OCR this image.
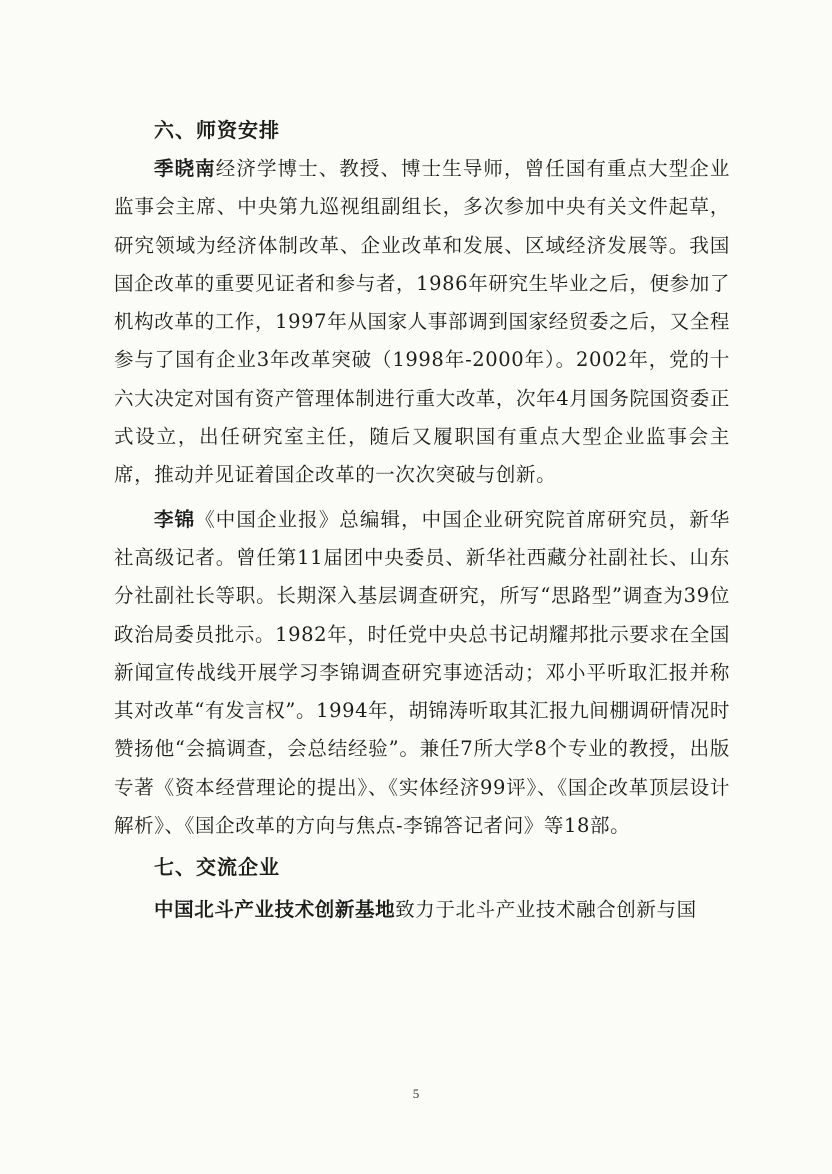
六、师资安排

季晓南经济学博士、教授、博士生导师，曾任国有重点大型企业监事会主席、中央第九巡视组副组长，多次参加中央有关文件起草，研究领域为经济体制改革、企业改革和发展、区域经济发展等。我国国企改革的重要见证者和参与者，1986年研究生毕业之后，便参加了机构改革的工作，1997年从国家人事部调到国家经贸委之后，又全程参与了国有企业3年改革突破（1998年-2000年）。2002年，党的十六大决定对国有资产管理体制进行重大改革，次年4月国务院国资委正式设立，出任研究室主任，随后又履职国有重点大型企业监事会主席，推动并见证着国企改革的一次次突破与创新。

李锦《中国企业报》总编辑，中国企业研究院首席研究员，新华社高级记者。曾任第11届团中央委员、新华社西藏分社副社长、山东分社副社长等职。长期深入基层调查研究，所写“思路型”调查为39位政治局委员批示。1982年，时任党中央总书记胡耀邦批示要求在全国新闻宣传战线开展学习李锦调查研究事迹活动；邓小平听取汇报并称其对改革“有发言权”。1994年，胡锦涛听取其汇报九间棚调研情况时赞扬他“会搞调查，会总结经验”。兼任7所大学8个专业的教授，出版专著《资本经营理论的提出》、《实体经济99评》、《国企改革顶层设计解析》、《国企改革的方向与焦点-李锦答记者问》等18部。

七、交流企业

中国北斗产业技术创新基地致力于北斗产业技术融合创新与国

5
